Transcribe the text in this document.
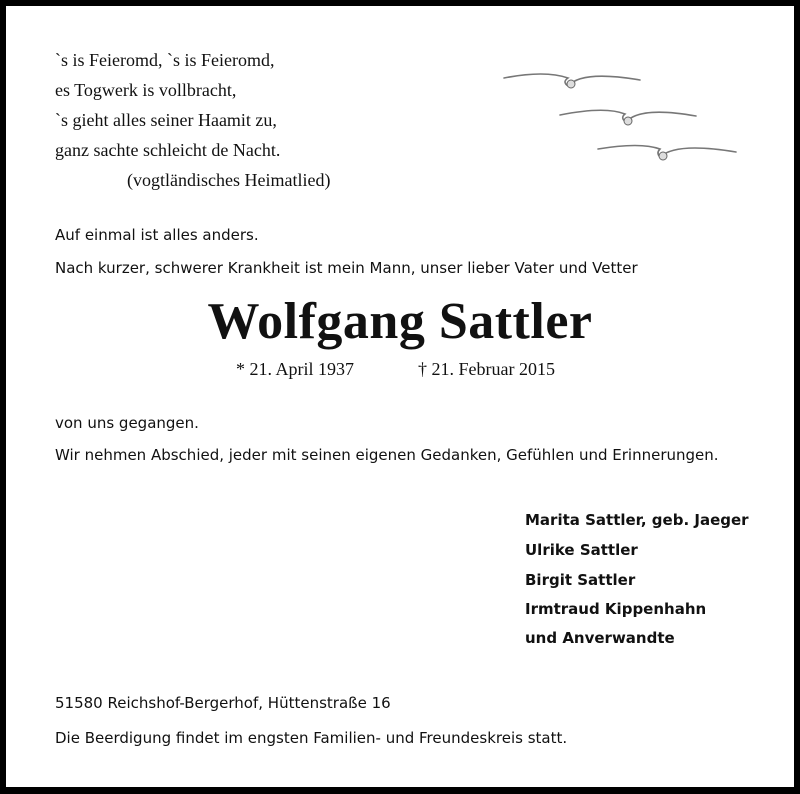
`s is Feieromd, `s is Feieromd,
es Togwerk is vollbracht,
`s gieht alles seiner Haamit zu,
ganz sachte schleicht de Nacht.
(vogtländisches Heimatlied)
Auf einmal ist alles anders.
Nach kurzer, schwerer Krankheit ist mein Mann, unser lieber Vater und Vetter
Wolfgang Sattler
* 21. April 1937	† 21. Februar 2015
von uns gegangen.
Wir nehmen Abschied, jeder mit seinen eigenen Gedanken, Gefühlen und Erinnerungen.
Marita Sattler, geb. Jaeger
Ulrike Sattler
Birgit Sattler
Irmtraud Kippenhahn
und Anverwandte
51580 Reichshof-Bergerhof, Hüttenstraße 16
Die Beerdigung findet im engsten Familien- und Freundeskreis statt.
